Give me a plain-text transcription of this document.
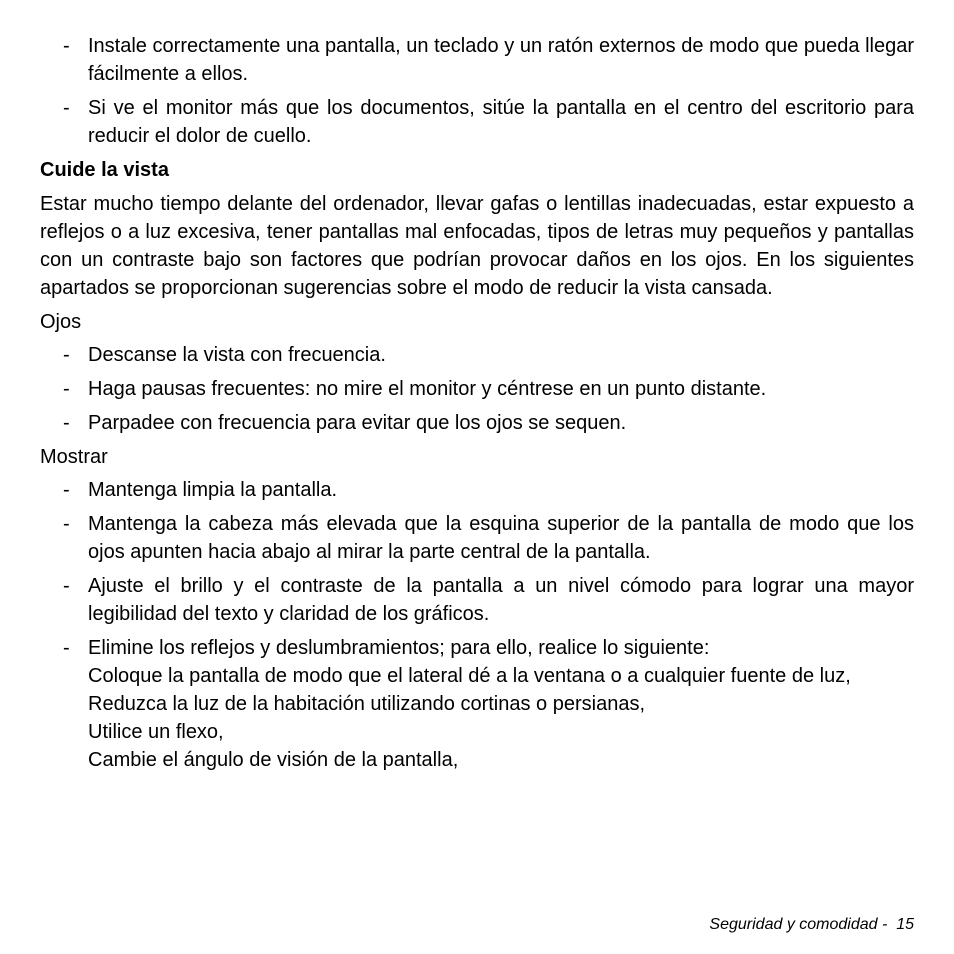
- Instale correctamente una pantalla, un teclado y un ratón externos de modo que pueda llegar fácilmente a ellos.
- Si ve el monitor más que los documentos, sitúe la pantalla en el centro del escritorio para reducir el dolor de cuello.
Cuide la vista

Estar mucho tiempo delante del ordenador, llevar gafas o lentillas inadecuadas, estar expuesto a reflejos o a luz excesiva, tener pantallas mal enfocadas, tipos de letras muy pequeños y pantallas con un contraste bajo son factores que podrían provocar daños en los ojos. En los siguientes apartados se proporcionan sugerencias sobre el modo de reducir la vista cansada.

Ojos
- Descanse la vista con frecuencia.
- Haga pausas frecuentes: no mire el monitor y céntrese en un punto distante.
- Parpadee con frecuencia para evitar que los ojos se sequen.
Mostrar
- Mantenga limpia la pantalla.
- Mantenga la cabeza más elevada que la esquina superior de la pantalla de modo que los ojos apunten hacia abajo al mirar la parte central de la pantalla.
- Ajuste el brillo y el contraste de la pantalla a un nivel cómodo para lograr una mayor legibilidad del texto y claridad de los gráficos.
- Elimine los reflejos y deslumbramientos; para ello, realice lo siguiente:
Coloque la pantalla de modo que el lateral dé a la ventana o a cualquier fuente de luz,
Reduzca la luz de la habitación utilizando cortinas o persianas,
Utilice un flexo,
Cambie el ángulo de visión de la pantalla,
Seguridad y comodidad -  15
